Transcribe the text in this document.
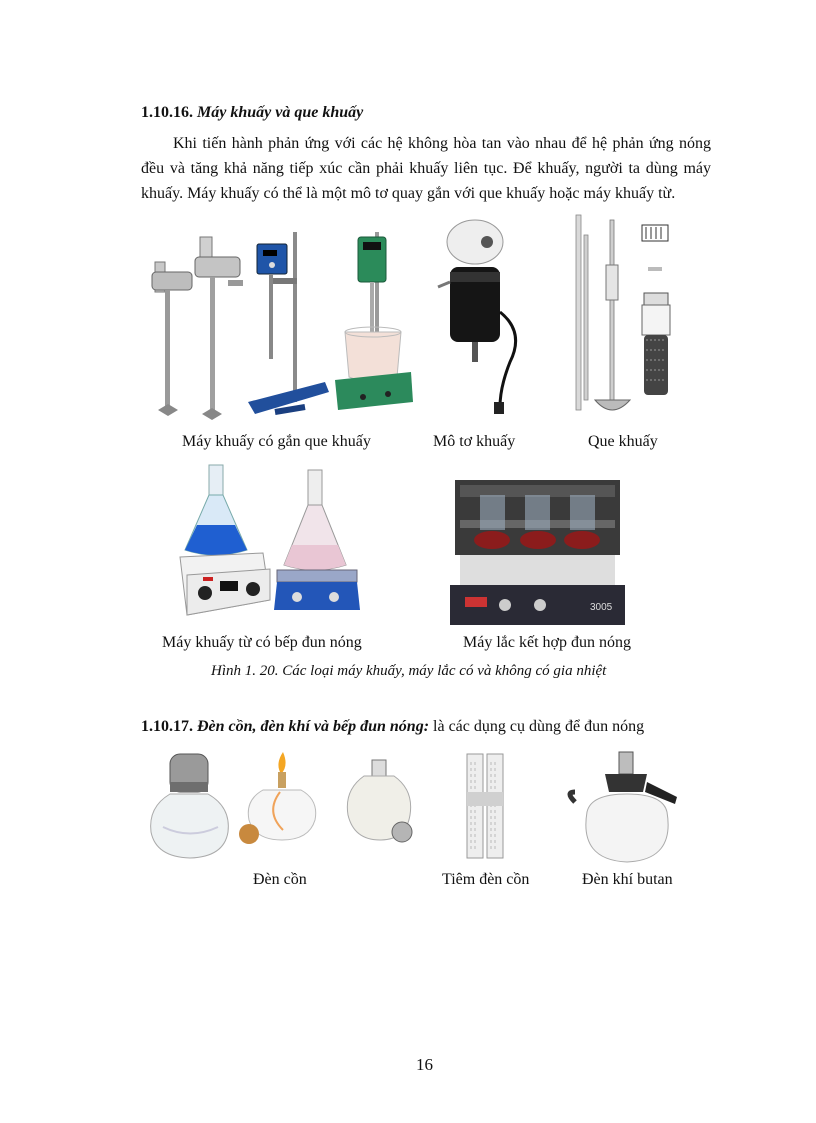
1.10.16. Máy khuấy và que khuấy
Khi tiến hành phản ứng với các hệ không hòa tan vào nhau để hệ phản ứng nóng đều và tăng khả năng tiếp xúc cần phải khuấy liên tục. Để khuấy, người ta dùng máy khuấy. Máy khuấy có thể là một mô tơ quay gắn với que khuấy hoặc máy khuấy từ.
Máy khuấy có gắn que khuấy	Mô tơ khuấy	Que khuấy
3005
Máy khuấy từ có bếp đun nóng	Máy lắc kết hợp đun nóng
Hình 1. 20. Các loại máy khuấy, máy lắc có và không có gia nhiệt
1.10.17. Đèn cồn, đèn khí và bếp đun nóng: là các dụng cụ dùng để đun nóng
Đèn cồn	Tiêm đèn cồn	Đèn khí butan
16
